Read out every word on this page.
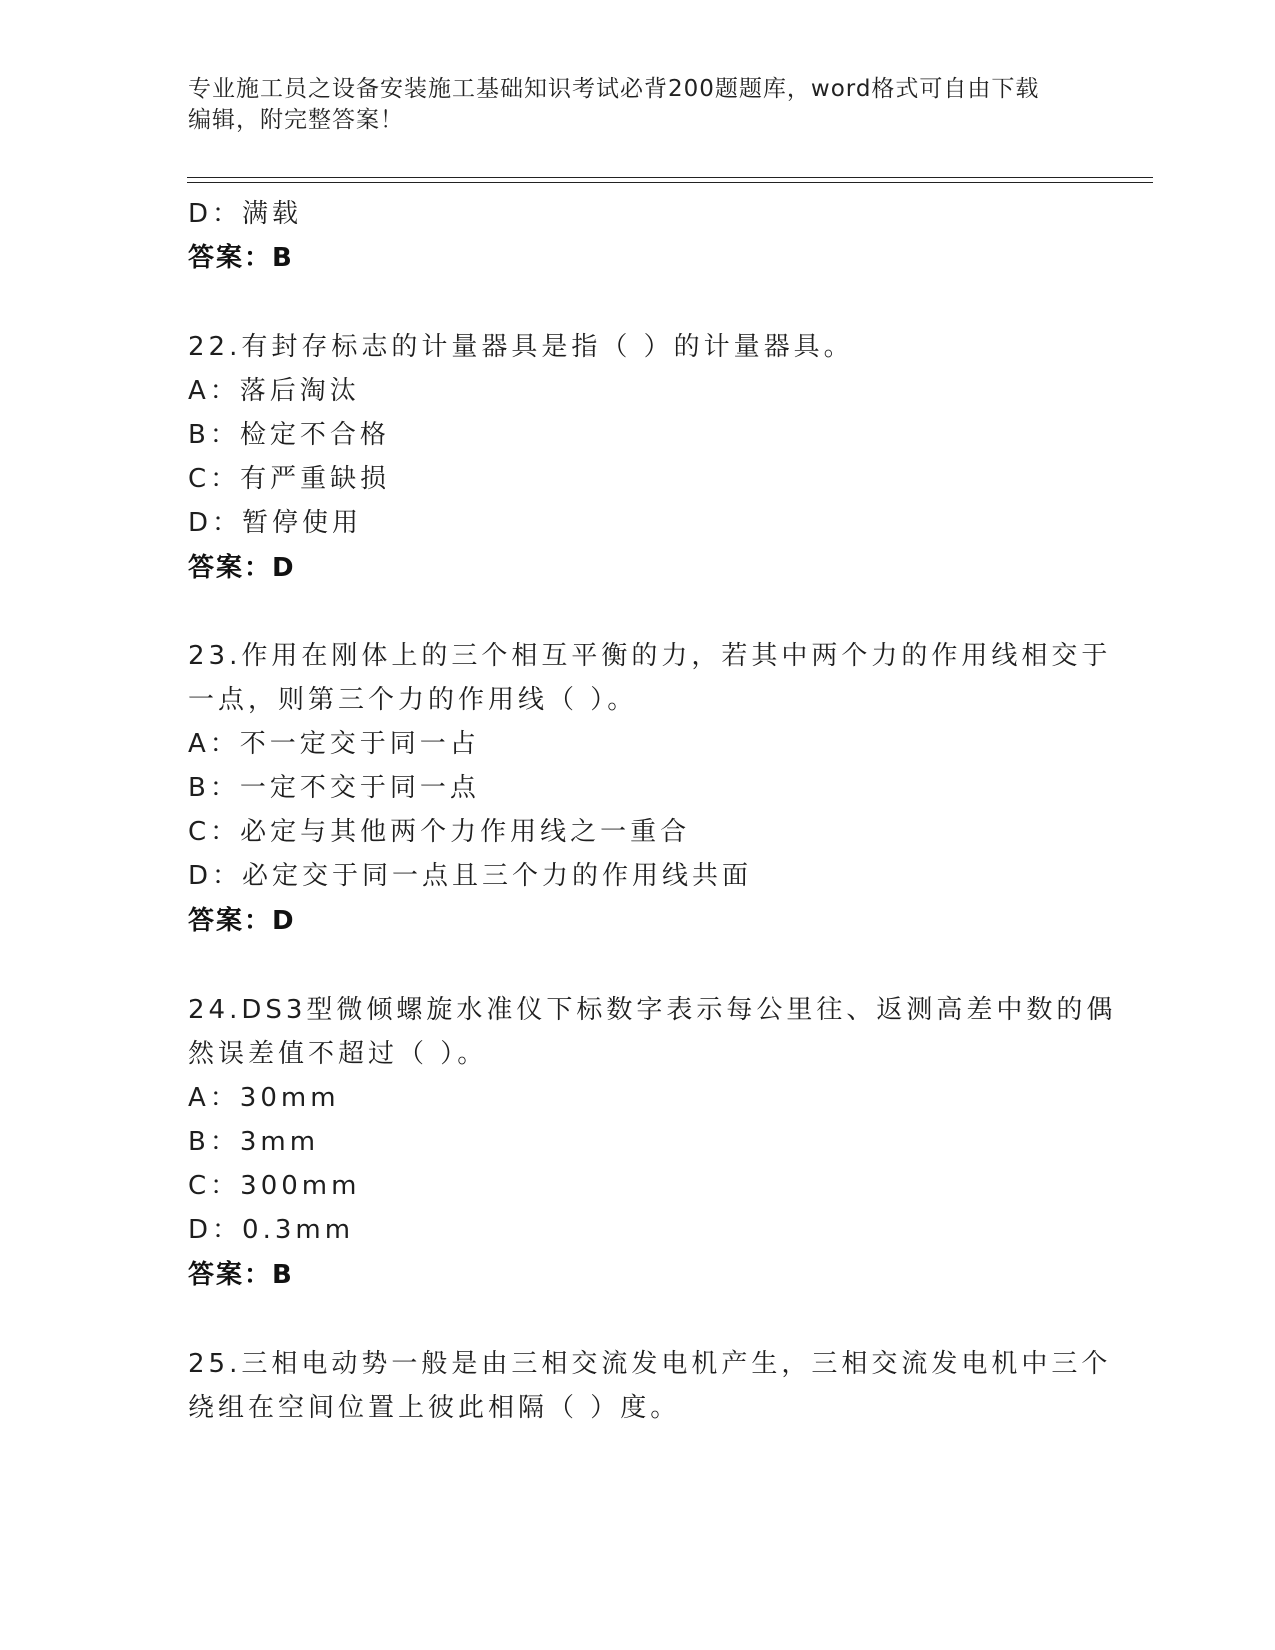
专业施工员之设备安装施工基础知识考试必背200题题库，word格式可自由下载
编辑，附完整答案！
D：满载
答案：B
22.有封存标志的计量器具是指（ ）的计量器具。
A：落后淘汰
B：检定不合格
C：有严重缺损
D：暂停使用
答案：D
23.作用在刚体上的三个相互平衡的力，若其中两个力的作用线相交于
一点，则第三个力的作用线（ ）。
A：不一定交于同一占
B：一定不交于同一点
C：必定与其他两个力作用线之一重合
D：必定交于同一点且三个力的作用线共面
答案：D
24.DS3型微倾螺旋水准仪下标数字表示每公里往、返测高差中数的偶
然误差值不超过（ ）。
A：30mm
B：3mm
C：300mm
D：0.3mm
答案：B
25.三相电动势一般是由三相交流发电机产生，三相交流发电机中三个
绕组在空间位置上彼此相隔（ ）度。
